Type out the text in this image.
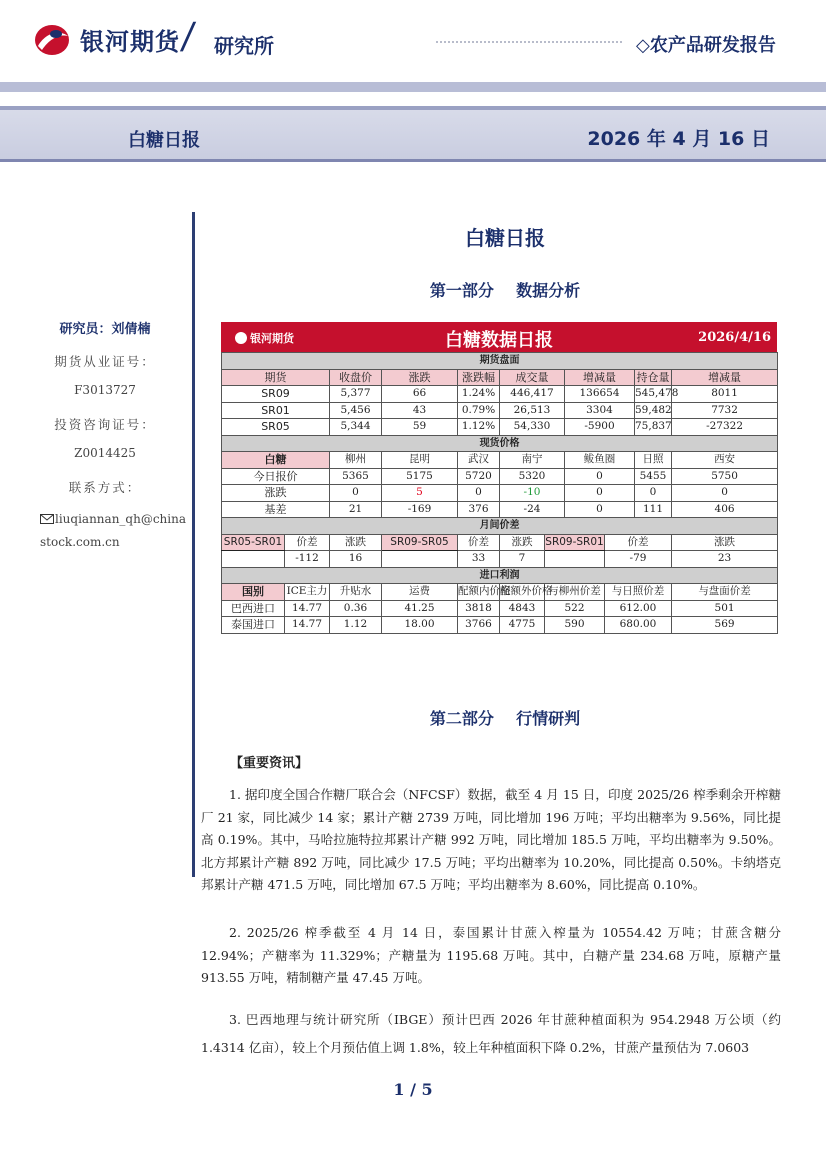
银河期货 / 研究所	◇农产品研发报告
白糖日报	2026 年 4 月 16 日
研究员：刘倩楠
期货从业证号：
F3013727
投资咨询证号：
Z0014425
联系方式：
liuqiannan_qh@china
stock.com.cn
白糖日报
第一部分    数据分析
银河期货	白糖数据日报	2026/4/16
期货盘面										
期货		收盘价	涨跌	涨跌幅	成交量		增减量		持仓量	增减量
SR09		5,377	66	1.24%	446,417		136654		545,478	8011
SR01		5,456	43	0.79%	26,513		3304		59,482	7732
SR05		5,344	59	1.12%	54,330		-5900		75,837	-27322
现货价格										
白糖		柳州	昆明	武汉	南宁		鲅鱼圈		日照	西安
今日报价		5365	5175	5720	5320		0		5455	5750
涨跌		0	5	0	-10		0		0	0
基差		21	-169	376	-24		0		111	406
月间价差										
SR05-SR01	价差	涨跌	SR09-SR05	价差	涨跌	SR09-SR01		价差		涨跌
	-112	16		33	7			-79		23
进口利润										
国别	ICE主力	升贴水	运费	配额内价格	配额外价格	与柳州价差		与日照价差		与盘面价差
巴西进口	14.77	0.36	41.25	3818	4843	522		612.00		501
泰国进口	14.77	1.12	18.00	3766	4775	590		680.00		569
第二部分    行情研判
【重要资讯】
1. 据印度全国合作糖厂联合会（NFCSF）数据，截至 4 月 15 日，印度 2025/26 榨季剩余开榨糖厂 21 家，同比减少 14 家；累计产糖 2739 万吨，同比增加 196 万吨；平均出糖率为 9.56%，同比提高 0.19%。其中，马哈拉施特拉邦累计产糖 992 万吨，同比增加 185.5 万吨，平均出糖率为 9.50%。北方邦累计产糖 892 万吨，同比减少 17.5 万吨；平均出糖率为 10.20%，同比提高 0.50%。卡纳塔克邦累计产糖 471.5 万吨，同比增加 67.5 万吨；平均出糖率为 8.60%，同比提高 0.10%。
2. 2025/26 榨季截至 4 月 14 日，泰国累计甘蔗入榨量为 10554.42 万吨；甘蔗含糖分 12.94%；产糖率为 11.329%；产糖量为 1195.68 万吨。其中，白糖产量 234.68 万吨，原糖产量 913.55 万吨，精制糖产量 47.45 万吨。
3. 巴西地理与统计研究所（IBGE）预计巴西 2026 年甘蔗种植面积为 954.2948 万公顷（约 1.4314 亿亩），较上个月预估值上调 1.8%，较上年种植面积下降 0.2%，甘蔗产量预估为 7.0603
1 / 5
